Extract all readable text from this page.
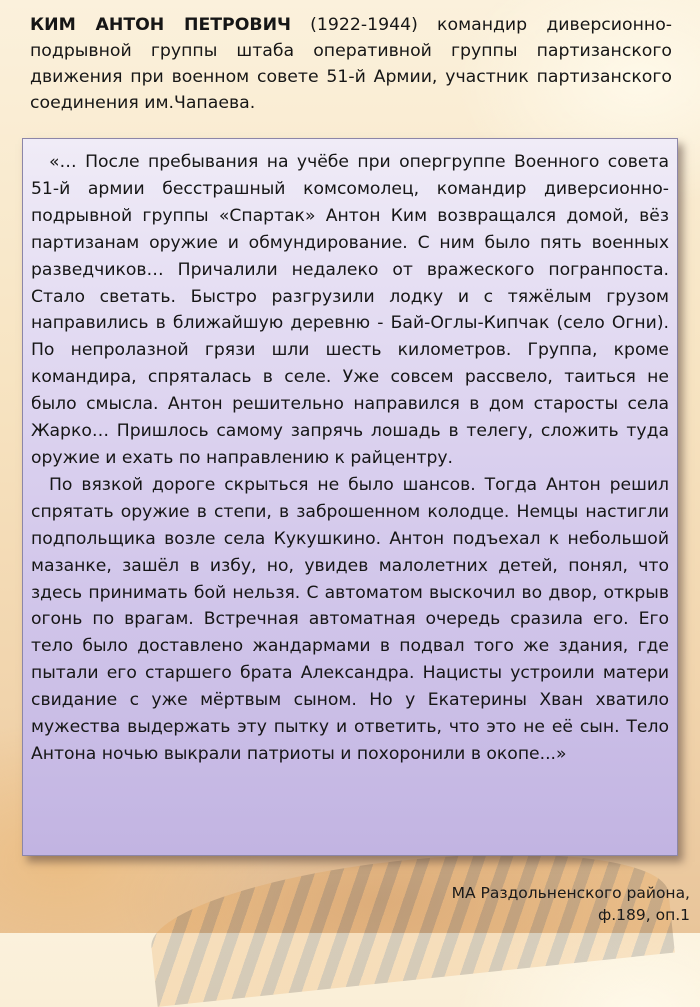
КИМ АНТОН ПЕТРОВИЧ (1922-1944) командир диверсионно-подрывной группы штаба оперативной группы партизанского движения при военном совете 51-й Армии, участник партизанского соединения им.Чапаева.

«… После пребывания на учёбе при опергруппе Военного совета 51-й армии бесстрашный комсомолец, командир диверсионно-подрывной группы «Спартак» Антон Ким возвращался домой, вёз партизанам оружие и обмундирование. С ним было пять военных разведчиков… Причалили недалеко от вражеского погранпоста. Стало светать. Быстро разгрузили лодку и с тяжёлым грузом направились в ближайшую деревню - Бай-Оглы-Кипчак (село Огни). По непролазной грязи шли шесть километров. Группа, кроме командира, спряталась в селе. Уже совсем рассвело, таиться не было смысла. Антон решительно направился в дом старосты села Жарко… Пришлось самому запрячь лошадь в телегу, сложить туда оружие и ехать по направлению к райцентру.

По вязкой дороге скрыться не было шансов. Тогда Антон решил спрятать оружие в степи, в заброшенном колодце. Немцы настигли подпольщика возле села Кукушкино. Антон подъехал к небольшой мазанке, зашёл в избу, но, увидев малолетних детей, понял, что здесь принимать бой нельзя. С автоматом выскочил во двор, открыв огонь по врагам. Встречная автоматная очередь сразила его. Его тело было доставлено жандармами в подвал того же здания, где пытали его старшего брата Александра. Нацисты устроили матери свидание с уже мёртвым сыном. Но у Екатерины Хван хватило мужества выдержать эту пытку и ответить, что это не её сын. Тело Антона ночью выкрали патриоты и похоронили в окопе...»

МА Раздольненского района,
ф.189, оп.1
